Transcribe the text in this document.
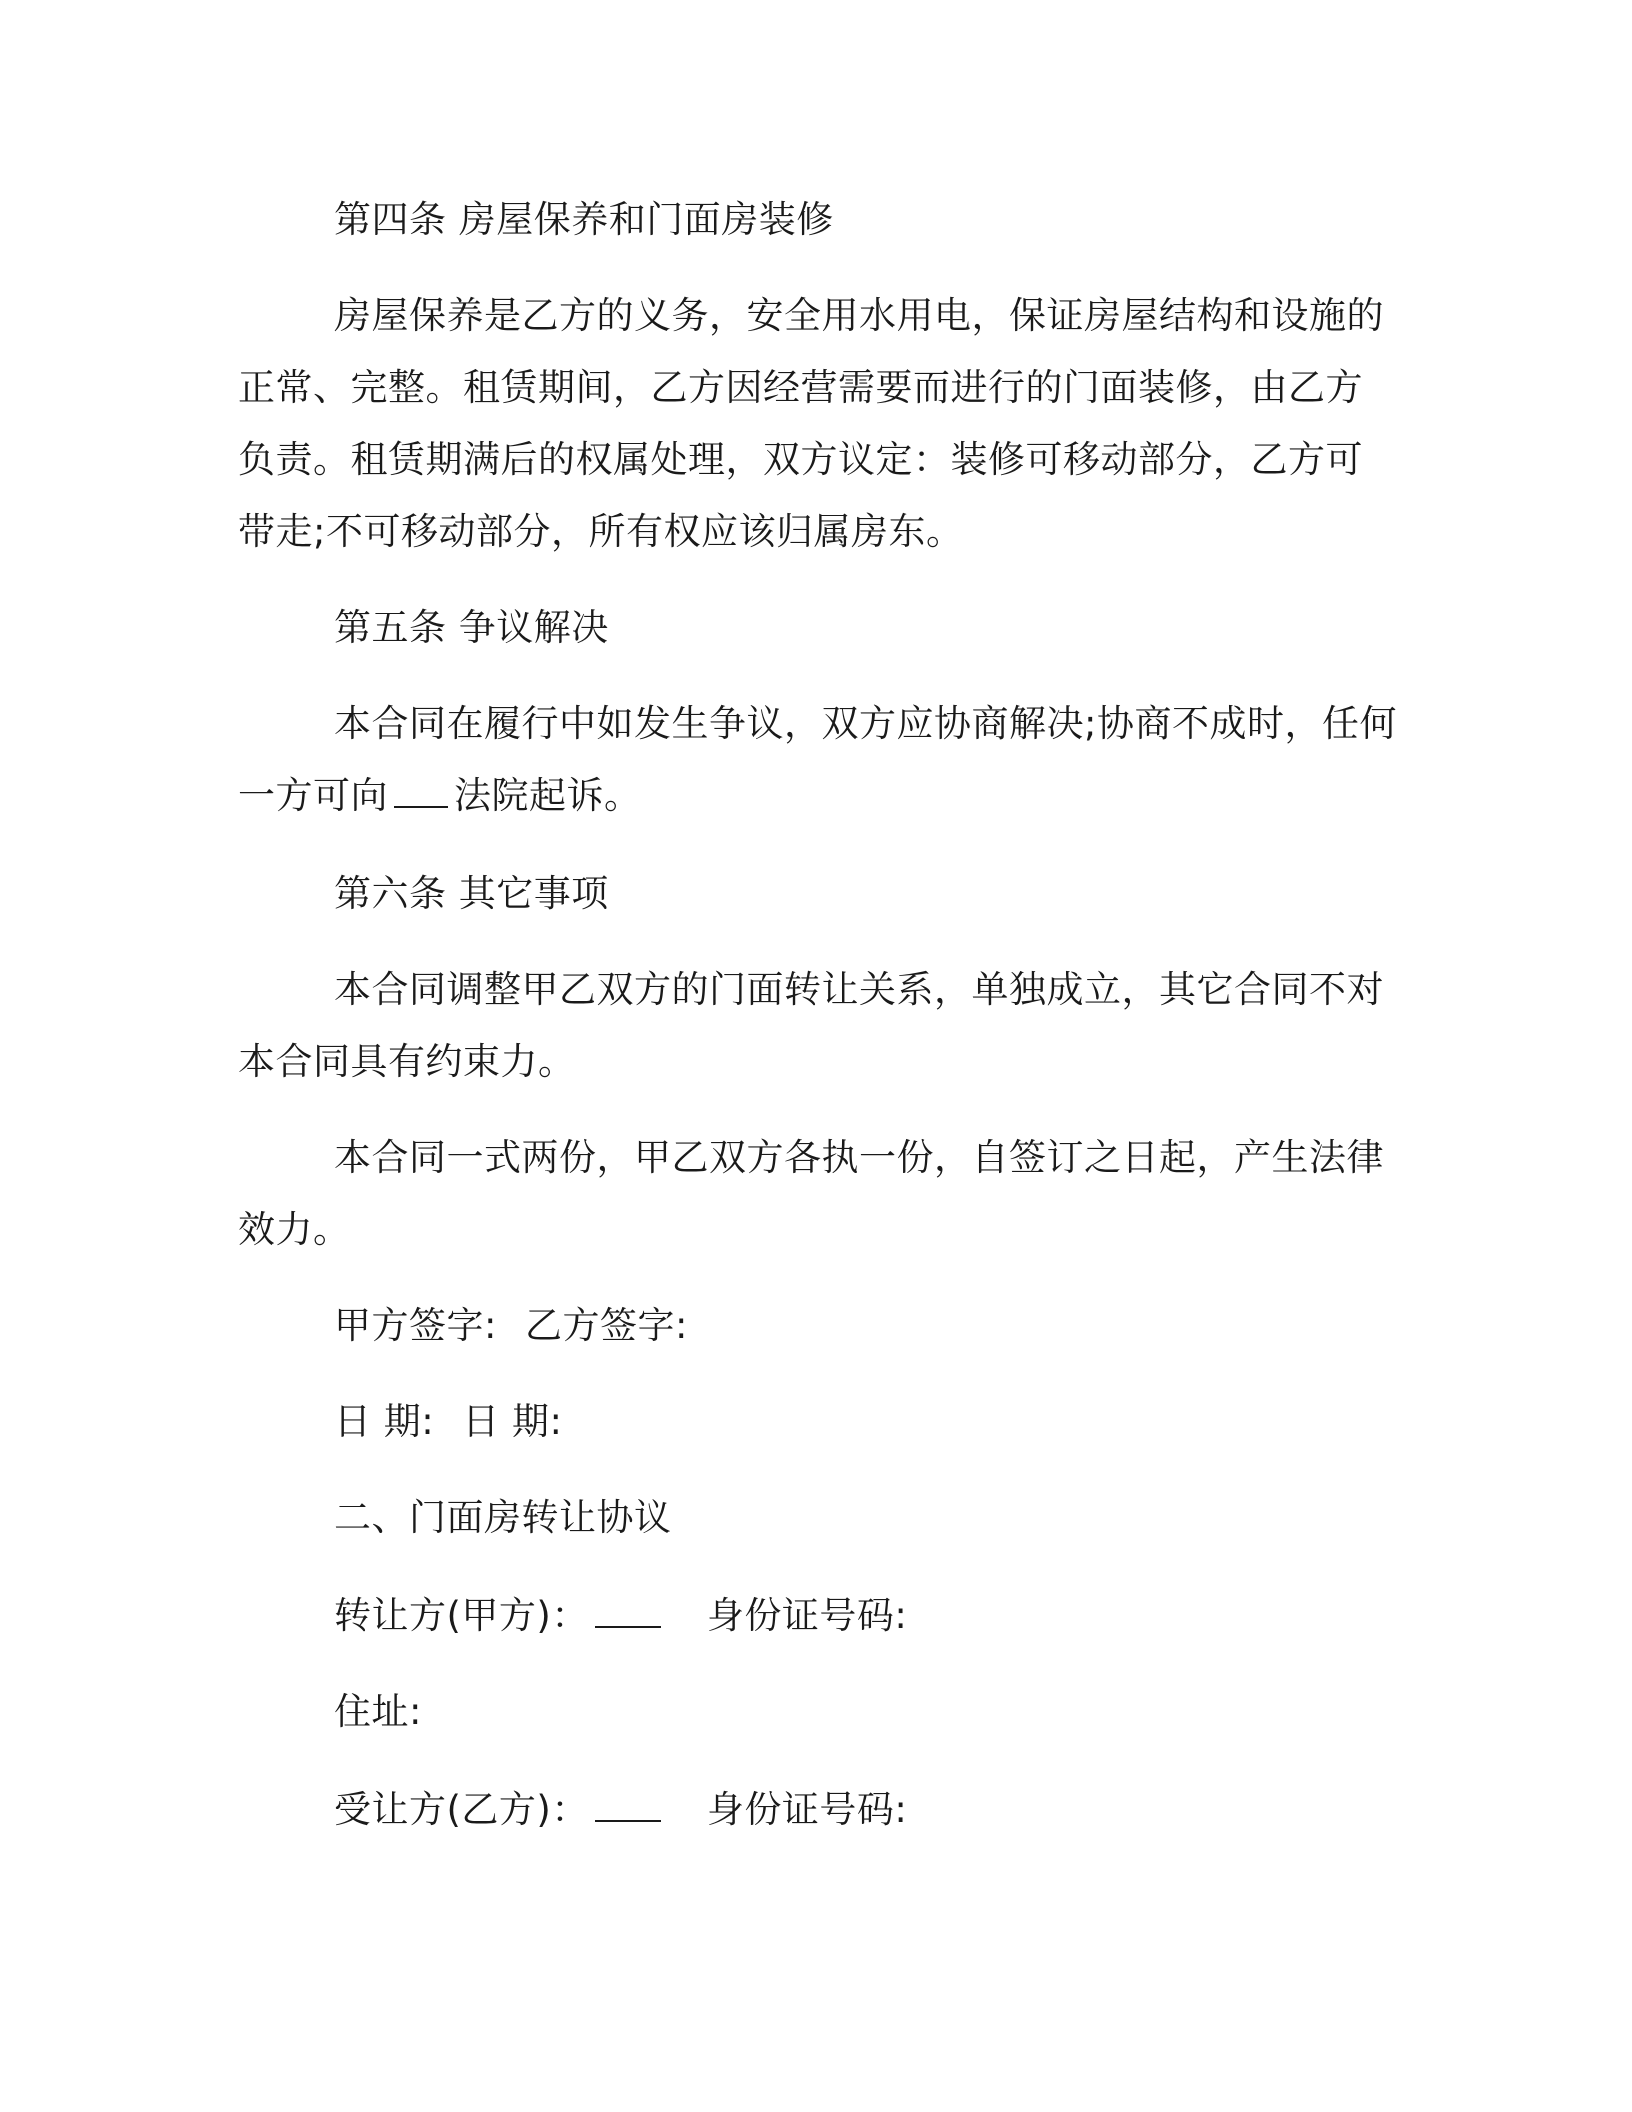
第四条 房屋保养和门面房装修
房屋保养是乙方的义务，安全用水用电，保证房屋结构和设施的
正常、完整。租赁期间，乙方因经营需要而进行的门面装修，由乙方
负责。租赁期满后的权属处理，双方议定：装修可移动部分，乙方可
带走;不可移动部分，所有权应该归属房东。
第五条 争议解决
本合同在履行中如发生争议，双方应协商解决;协商不成时，任何
一方可向 法院起诉。
第六条 其它事项
本合同调整甲乙双方的门面转让关系，单独成立，其它合同不对
本合同具有约束力。
本合同一式两份，甲乙双方各执一份，自签订之日起，产生法律
效力。
甲方签字: 乙方签字:
日 期: 日 期:
二、门面房转让协议
转让方(甲方)：	身份证号码:
住址:
受让方(乙方)：	身份证号码:
